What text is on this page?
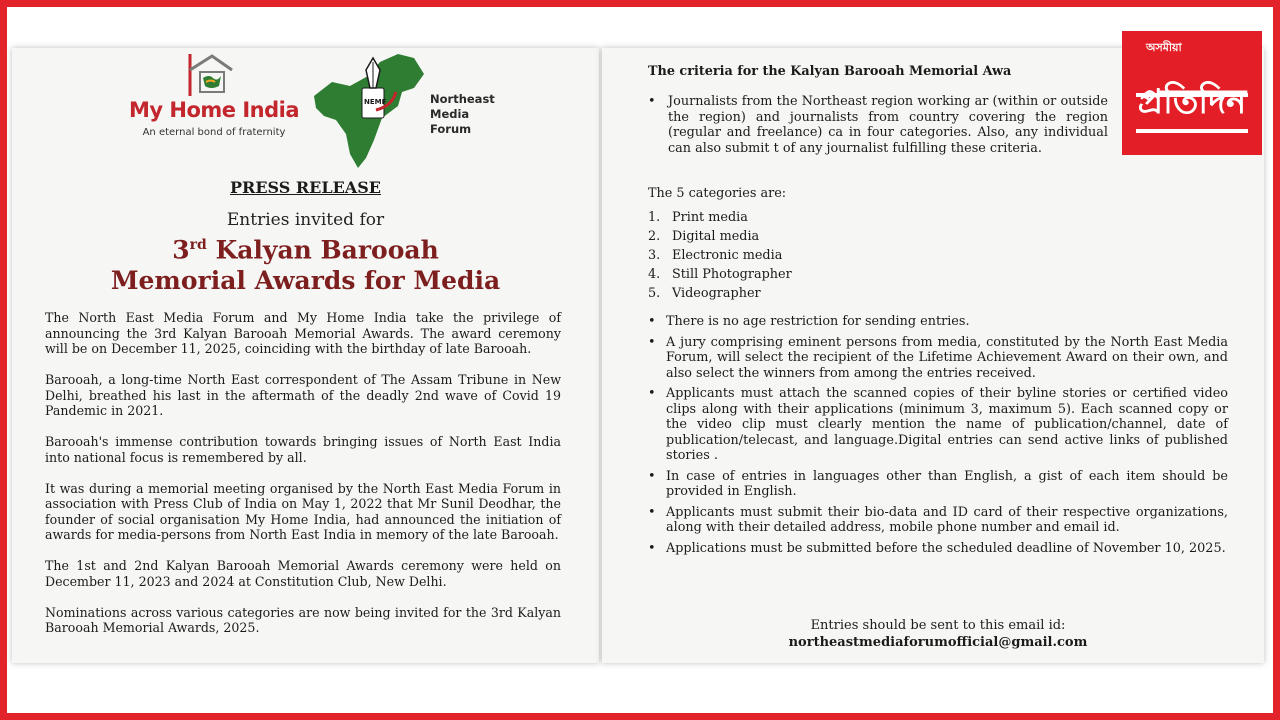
My Home India
An eternal bond of fraternity
NEMF	Northeast
Media
Forum
PRESS RELEASE
Entries invited for
3rd Kalyan Barooah
Memorial Awards for Media

The North East Media Forum and My Home India take the privilege of announcing the 3rd Kalyan Barooah Memorial Awards. The award ceremony will be on December 11, 2025, coinciding with the birthday of late Barooah.

Barooah, a long-time North East correspondent of The Assam Tribune in New Delhi, breathed his last in the aftermath of the deadly 2nd wave of Covid 19 Pandemic in 2021.

Barooah's immense contribution towards bringing issues of North East India into national focus is remembered by all.

It was during a memorial meeting organised by the North East Media Forum in association with Press Club of India on May 1, 2022 that Mr Sunil Deodhar, the founder of social organisation My Home India, had announced the initiation of awards for media-persons from North East India in memory of the late Barooah.

The 1st and 2nd Kalyan Barooah Memorial Awards ceremony were held on December 11, 2023 and 2024 at Constitution Club, New Delhi.

Nominations across various categories are now being invited for the 3rd Kalyan Barooah Memorial Awards, 2025.

The criteria for the Kalyan Barooah Memorial Awa
• Journalists from the Northeast region working ar (within or outside the region) and journalists from country covering the region (regular and freelance) ca in four categories. Also, any individual can also submit t of any journalist fulfilling these criteria.
The 5 categories are:
1. Print media
2. Digital media
3. Electronic media
4. Still Photographer
5. Videographer
• There is no age restriction for sending entries.
• A jury comprising eminent persons from media, constituted by the North East Media Forum, will select the recipient of the Lifetime Achievement Award on their own, and also select the winners from among the entries received.
• Applicants must attach the scanned copies of their byline stories or certified video clips along with their applications (minimum 3, maximum 5). Each scanned copy or the video clip must clearly mention the name of publication/channel, date of publication/telecast, and language.Digital entries can send active links of published stories .
• In case of entries in languages other than English, a gist of each item should be provided in English.
• Applicants must submit their bio-data and ID card of their respective organizations, along with their detailed address, mobile phone number and email id.
• Applications must be submitted before the scheduled deadline of November 10, 2025.
Entries should be sent to this email id:
northeastmediaforumofficial@gmail.com
অসমীয়া
প্রতিদিন
